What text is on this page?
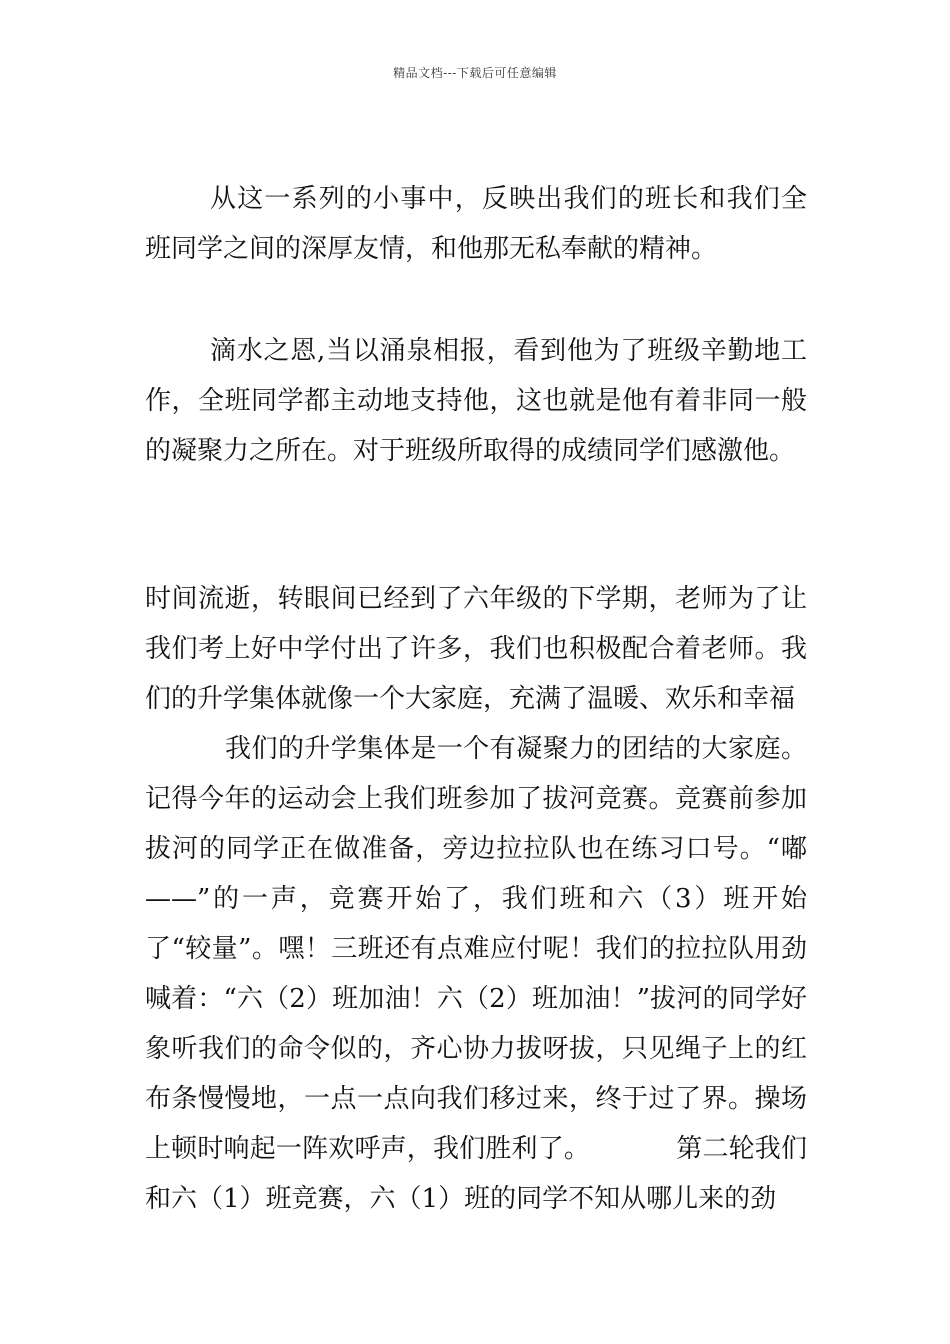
精品文档---下载后可任意编辑

从这一系列的小事中，反映出我们的班长和我们全班同学之间的深厚友情，和他那无私奉献的精神。

滴水之恩,当以涌泉相报，看到他为了班级辛勤地工作，全班同学都主动地支持他，这也就是他有着非同一般的凝聚力之所在。对于班级所取得的成绩同学们感激他。

时间流逝，转眼间已经到了六年级的下学期，老师为了让我们考上好中学付出了许多，我们也积极配合着老师。我们的升学集体就像一个大家庭，充满了温暖、欢乐和幸福

我们的升学集体是一个有凝聚力的团结的大家庭。记得今年的运动会上我们班参加了拔河竞赛。竞赛前参加拔河的同学正在做准备，旁边拉拉队也在练习口号。“嘟——”的一声，竞赛开始了，我们班和六（3）班开始了“较量”。嘿！三班还有点难应付呢！我们的拉拉队用劲喊着：“六（2）班加油！六（2）班加油！”拔河的同学好象听我们的命令似的，齐心协力拔呀拔，只见绳子上的红布条慢慢地，一点一点向我们移过来，终于过了界。操场上顿时响起一阵欢呼声，我们胜利了。	第二轮我们和六（1）班竞赛，六（1）班的同学不知从哪儿来的劲
